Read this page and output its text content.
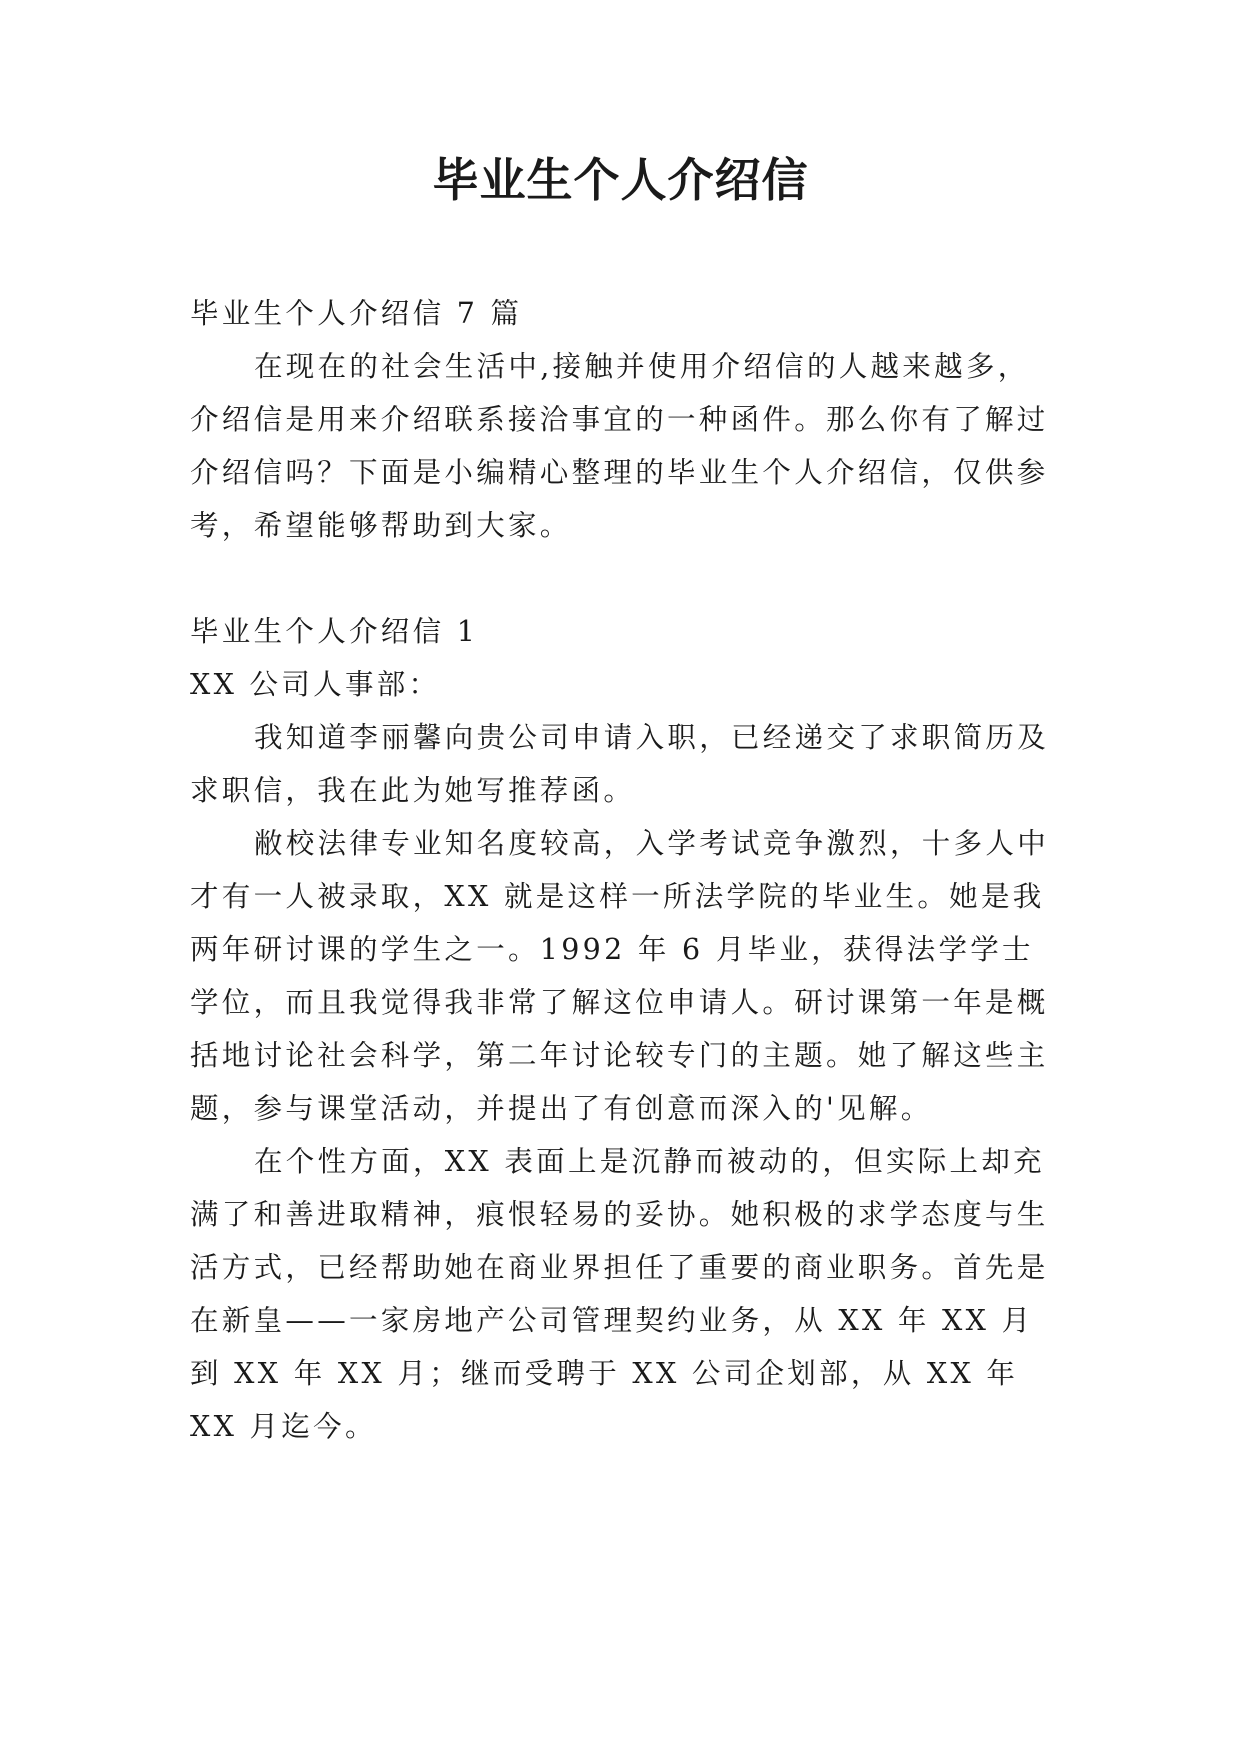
毕业生个人介绍信

毕业生个人介绍信 7 篇

在现在的社会生活中,接触并使用介绍信的人越来越多，介绍信是用来介绍联系接洽事宜的一种函件。那么你有了解过介绍信吗？下面是小编精心整理的毕业生个人介绍信，仅供参考，希望能够帮助到大家。

毕业生个人介绍信 1

XX 公司人事部：

我知道李丽馨向贵公司申请入职，已经递交了求职简历及求职信，我在此为她写推荐函。

敝校法律专业知名度较高，入学考试竞争激烈，十多人中才有一人被录取，XX 就是这样一所法学院的毕业生。她是我两年研讨课的学生之一。1992 年 6 月毕业，获得法学学士学位，而且我觉得我非常了解这位申请人。研讨课第一年是概括地讨论社会科学，第二年讨论较专门的主题。她了解这些主题，参与课堂活动，并提出了有创意而深入的'见解。

在个性方面，XX 表面上是沉静而被动的，但实际上却充满了和善进取精神，痕恨轻易的妥协。她积极的求学态度与生活方式，已经帮助她在商业界担任了重要的商业职务。首先是在新皇——一家房地产公司管理契约业务，从 XX 年 XX 月到 XX 年 XX 月；继而受聘于 XX 公司企划部，从 XX 年 XX 月迄今。
